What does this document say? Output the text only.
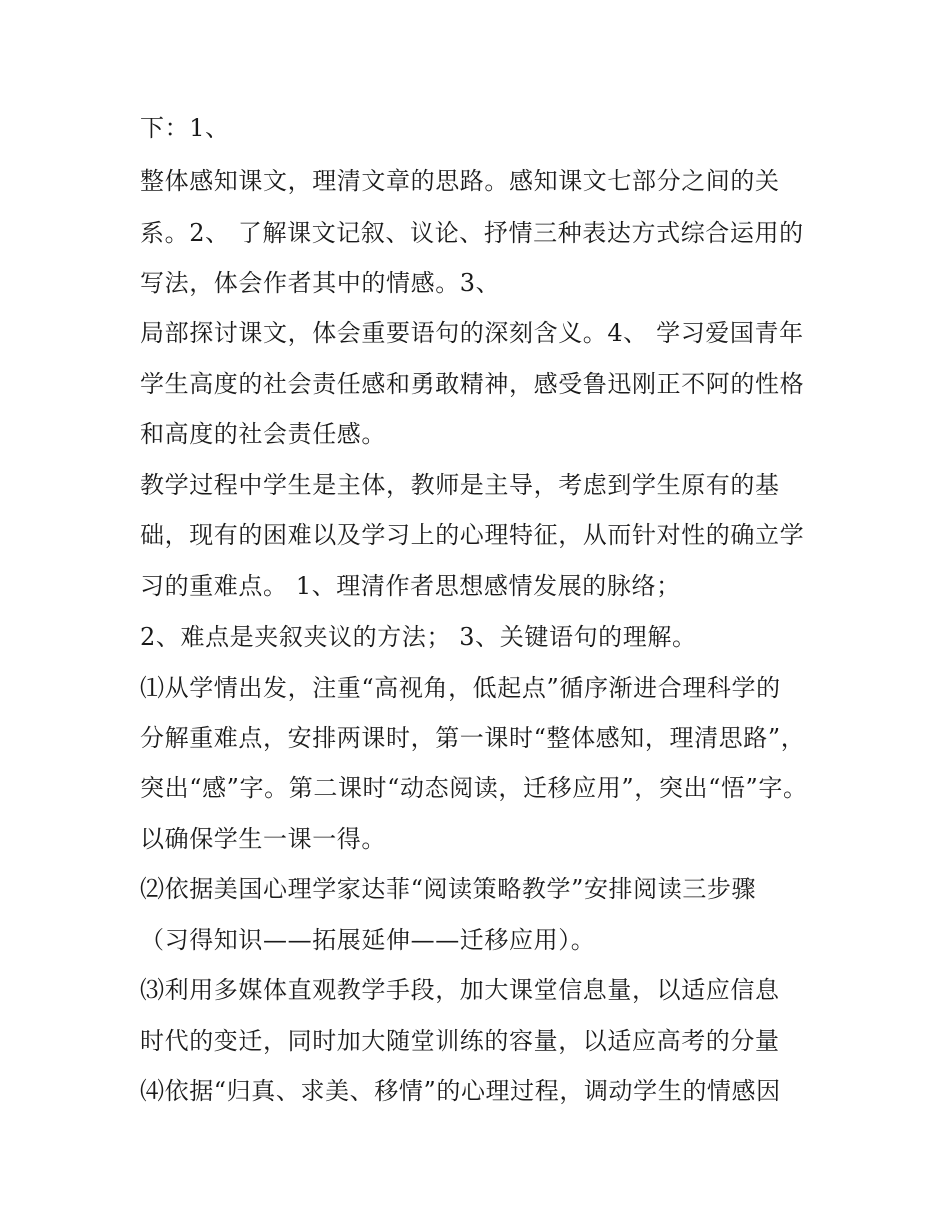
下：1、
整体感知课文，理清文章的思路。感知课文七部分之间的关
系。2、 了解课文记叙、议论、抒情三种表达方式综合运用的
写法，体会作者其中的情感。3、
局部探讨课文，体会重要语句的深刻含义。4、 学习爱国青年
学生高度的社会责任感和勇敢精神，感受鲁迅刚正不阿的性格
和高度的社会责任感。
教学过程中学生是主体，教师是主导，考虑到学生原有的基
础，现有的困难以及学习上的心理特征，从而针对性的确立学
习的重难点。 1、理清作者思想感情发展的脉络；
2、难点是夹叙夹议的方法； 3、关键语句的理解。
⑴从学情出发，注重“高视角，低起点”循序渐进合理科学的
分解重难点，安排两课时，第一课时“整体感知，理清思路”，
突出“感”字。第二课时“动态阅读，迁移应用”，突出“悟”字。
以确保学生一课一得。
⑵依据美国心理学家达菲“阅读策略教学”安排阅读三步骤
（习得知识——拓展延伸——迁移应用）。
⑶利用多媒体直观教学手段，加大课堂信息量，以适应信息
时代的变迁，同时加大随堂训练的容量，以适应高考的分量
⑷依据“归真、求美、移情”的心理过程，调动学生的情感因
